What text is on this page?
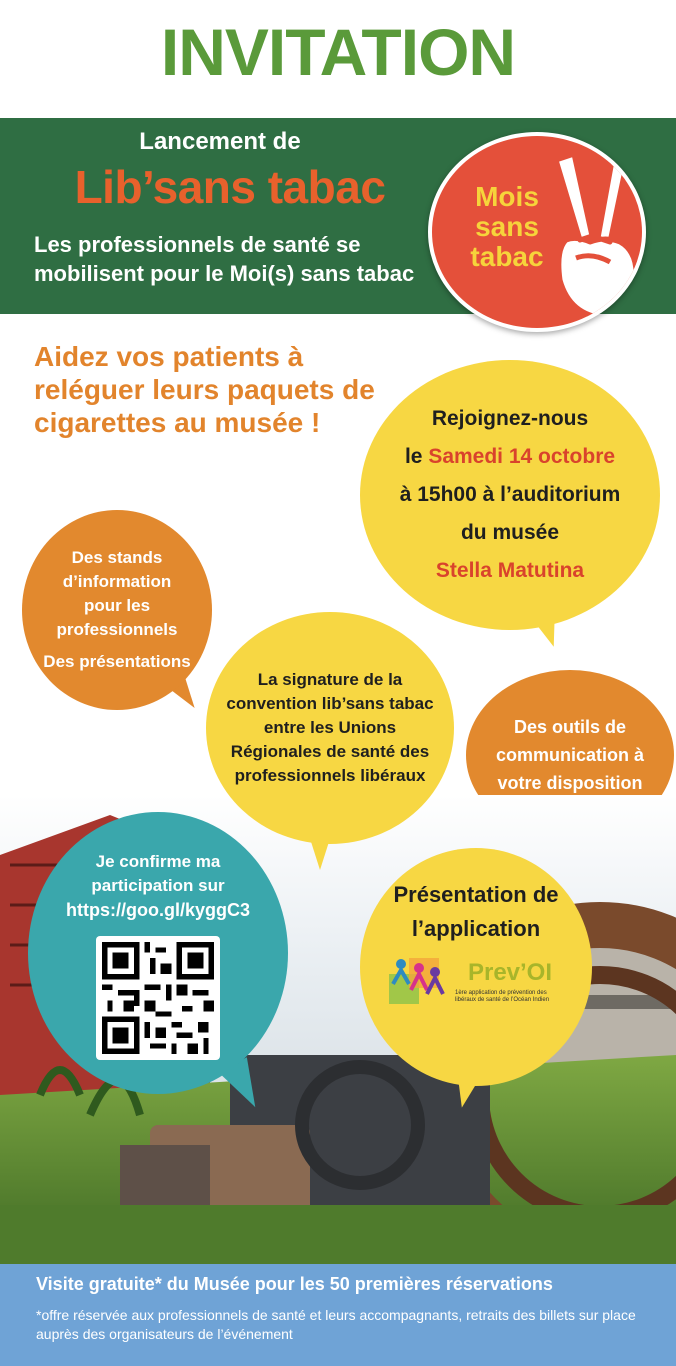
INVITATION
Lancement de
Lib’sans tabac
Les professionnels de santé se mobilisent pour le Moi(s) sans tabac
Mois
sans
tabac
Aidez vos patients à reléguer leurs paquets de cigarettes au musée !	Rejoignez-nous
le Samedi 14 octobre
à 15h00 à l’auditorium
du musée
Stella Matutina
Des stands d’information pour les professionnels
Des présentations
Des outils de communication à votre disposition
La signature de la convention lib’sans tabac entre les Unions Régionales de santé des professionnels libéraux
Je confirme ma participation sur
https://goo.gl/kyggC3
Présentation de l’application
Prev’OI
1ère application de prévention des libéraux de santé de l’Océan Indien
Visite gratuite* du Musée pour les 50 premières réservations
*offre réservée aux professionnels de santé et leurs accompagnants, retraits des billets sur place auprès des organisateurs de l’événement
